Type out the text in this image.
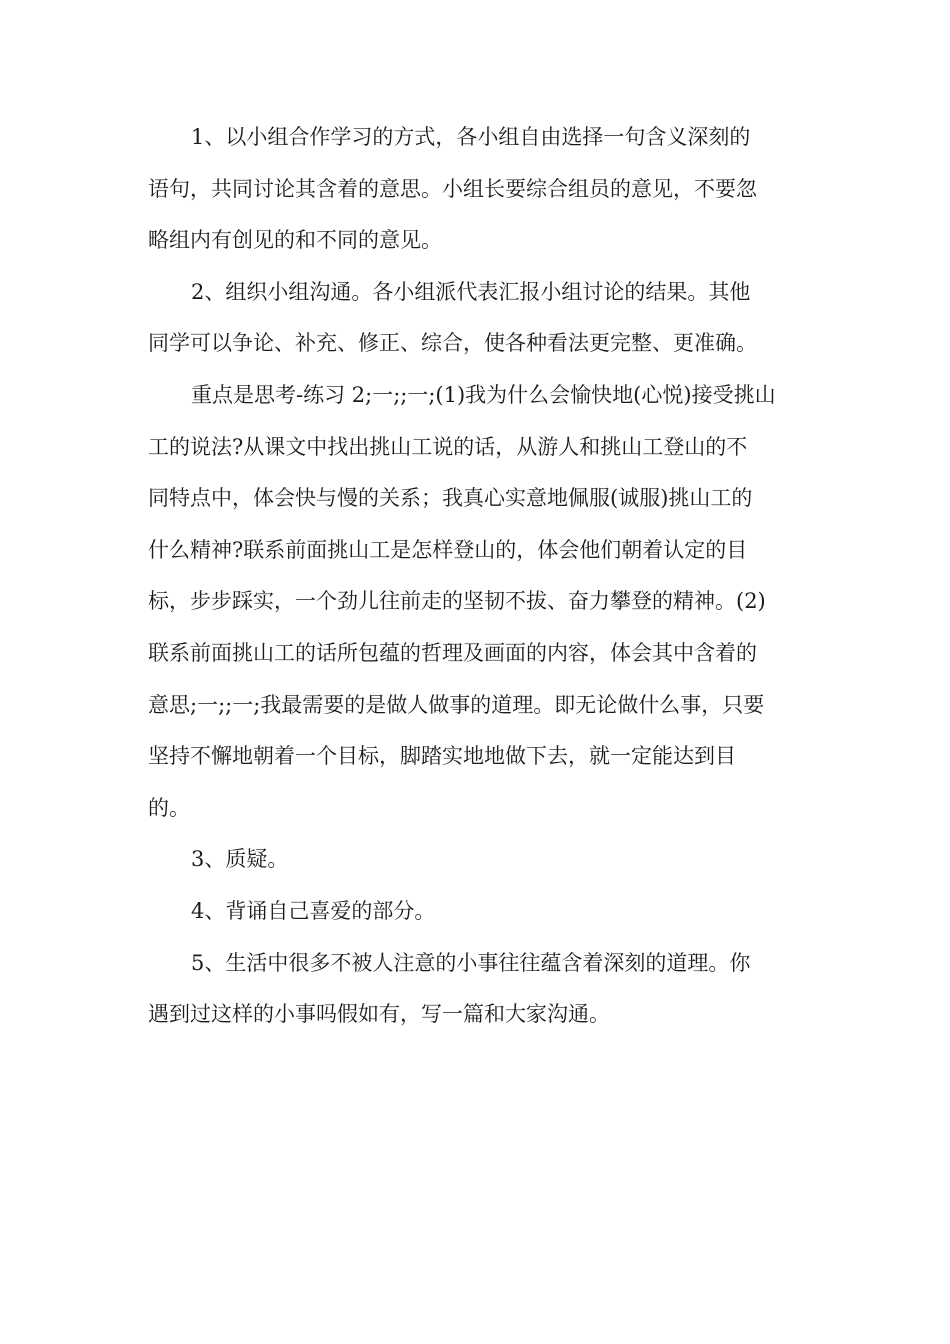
1、以小组合作学习的方式，各小组自由选择一句含义深刻的
语句，共同讨论其含着的意思。小组长要综合组员的意见，不要忽
略组内有创见的和不同的意见。
2、组织小组沟通。各小组派代表汇报小组讨论的结果。其他
同学可以争论、补充、修正、综合，使各种看法更完整、更准确。
重点是思考-练习 2;一;;一;(1)我为什么会愉快地(心悦)接受挑山
工的说法?从课文中找出挑山工说的话，从游人和挑山工登山的不
同特点中，体会快与慢的关系；我真心实意地佩服(诚服)挑山工的
什么精神?联系前面挑山工是怎样登山的，体会他们朝着认定的目
标，步步踩实，一个劲儿往前走的坚韧不拔、奋力攀登的精神。(2)
联系前面挑山工的话所包蕴的哲理及画面的内容，体会其中含着的
意思;一;;一;我最需要的是做人做事的道理。即无论做什么事，只要
坚持不懈地朝着一个目标，脚踏实地地做下去，就一定能达到目
的。
3、质疑。
4、背诵自己喜爱的部分。
5、生活中很多不被人注意的小事往往蕴含着深刻的道理。你
遇到过这样的小事吗假如有，写一篇和大家沟通。
